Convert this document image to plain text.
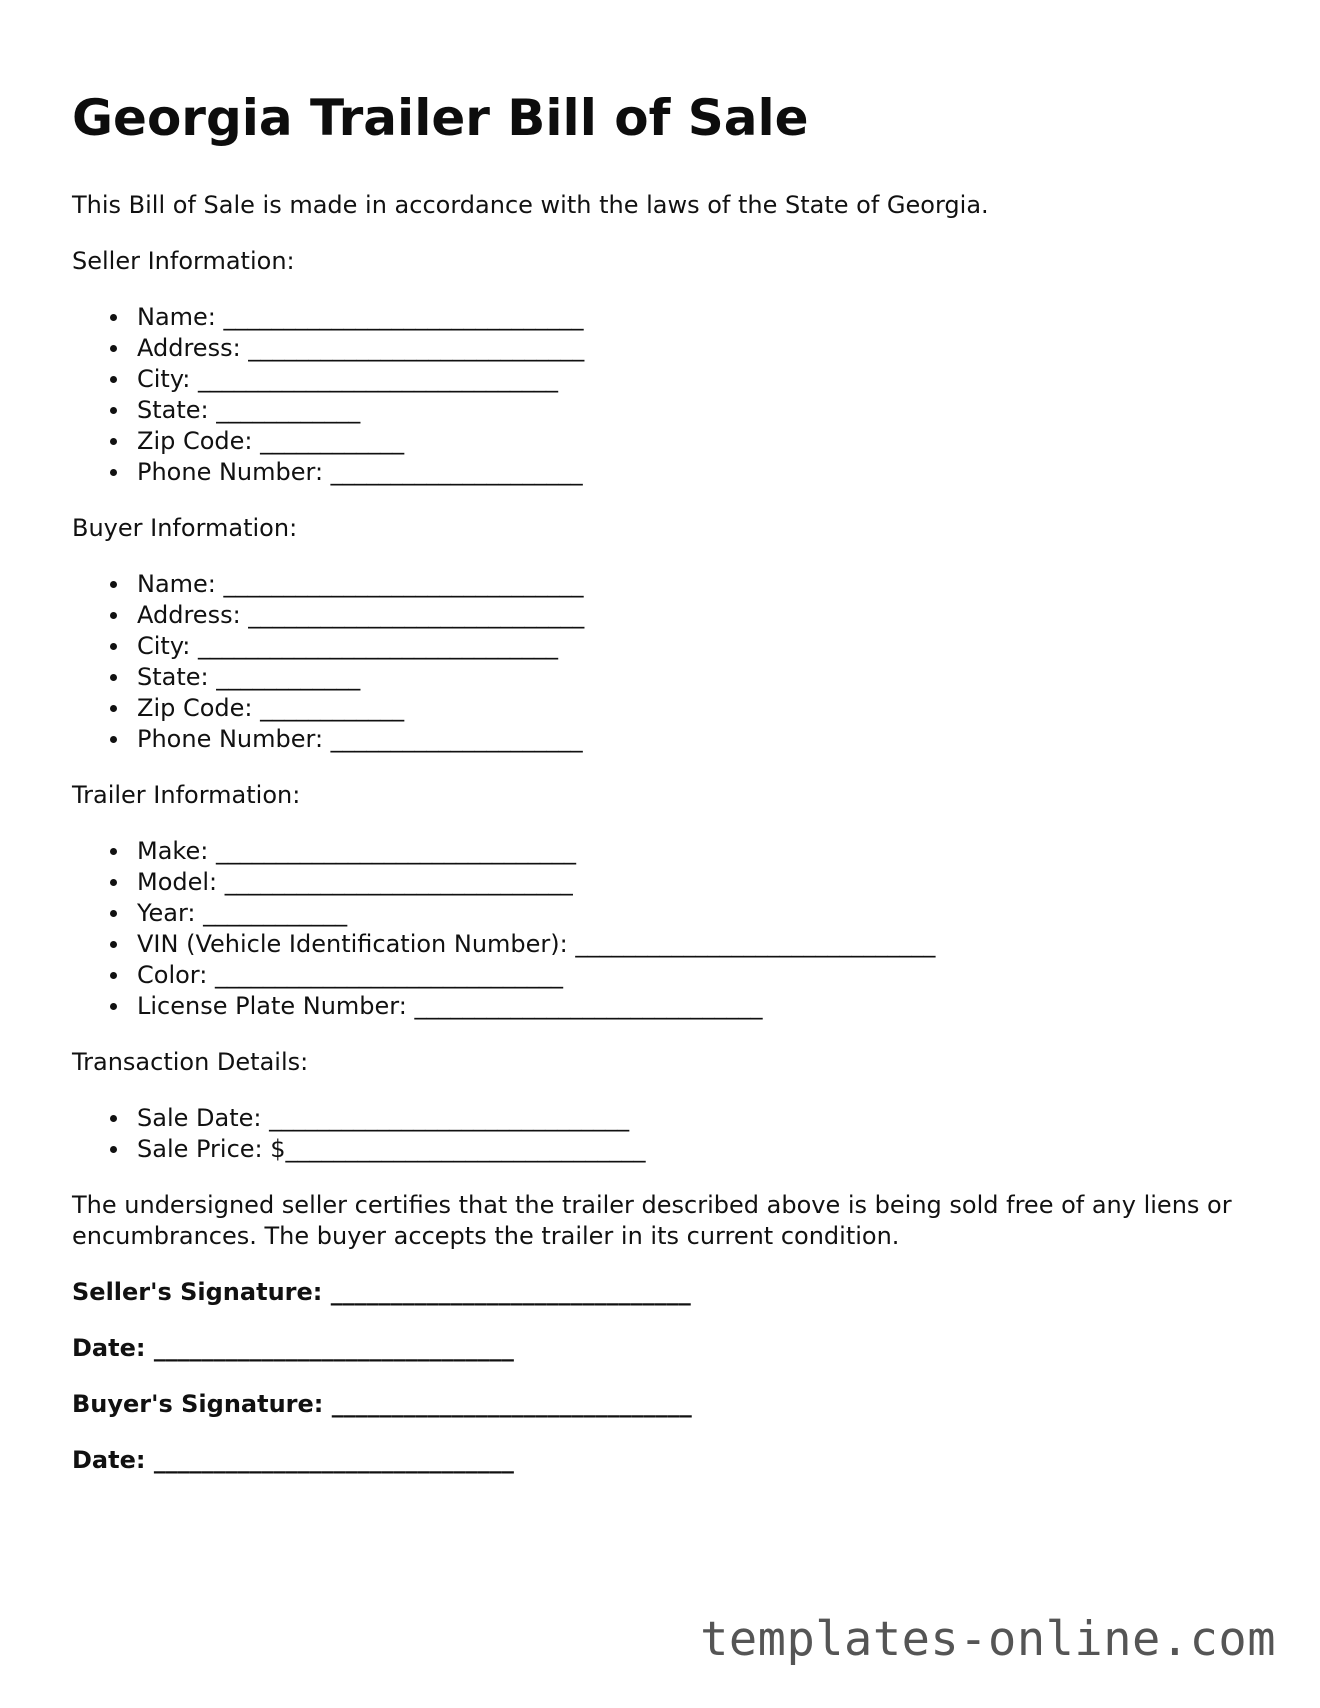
Georgia Trailer Bill of Sale

This Bill of Sale is made in accordance with the laws of the State of Georgia.

Seller Information:

Name: ______________________________
Address: ____________________________
City: ______________________________
State: ____________
Zip Code: ____________
Phone Number: _____________________

Buyer Information:

Name: ______________________________
Address: ____________________________
City: ______________________________
State: ____________
Zip Code: ____________
Phone Number: _____________________

Trailer Information:

Make: ______________________________
Model: _____________________________
Year: ____________
VIN (Vehicle Identification Number): ______________________________
Color: _____________________________
License Plate Number: _____________________________

Transaction Details:

Sale Date: ______________________________
Sale Price: $______________________________

The undersigned seller certifies that the trailer described above is being sold free of any liens or encumbrances. The buyer accepts the trailer in its current condition.

Seller's Signature: ______________________________

Date: ______________________________

Buyer's Signature: ______________________________

Date: ______________________________

templates-online.com
